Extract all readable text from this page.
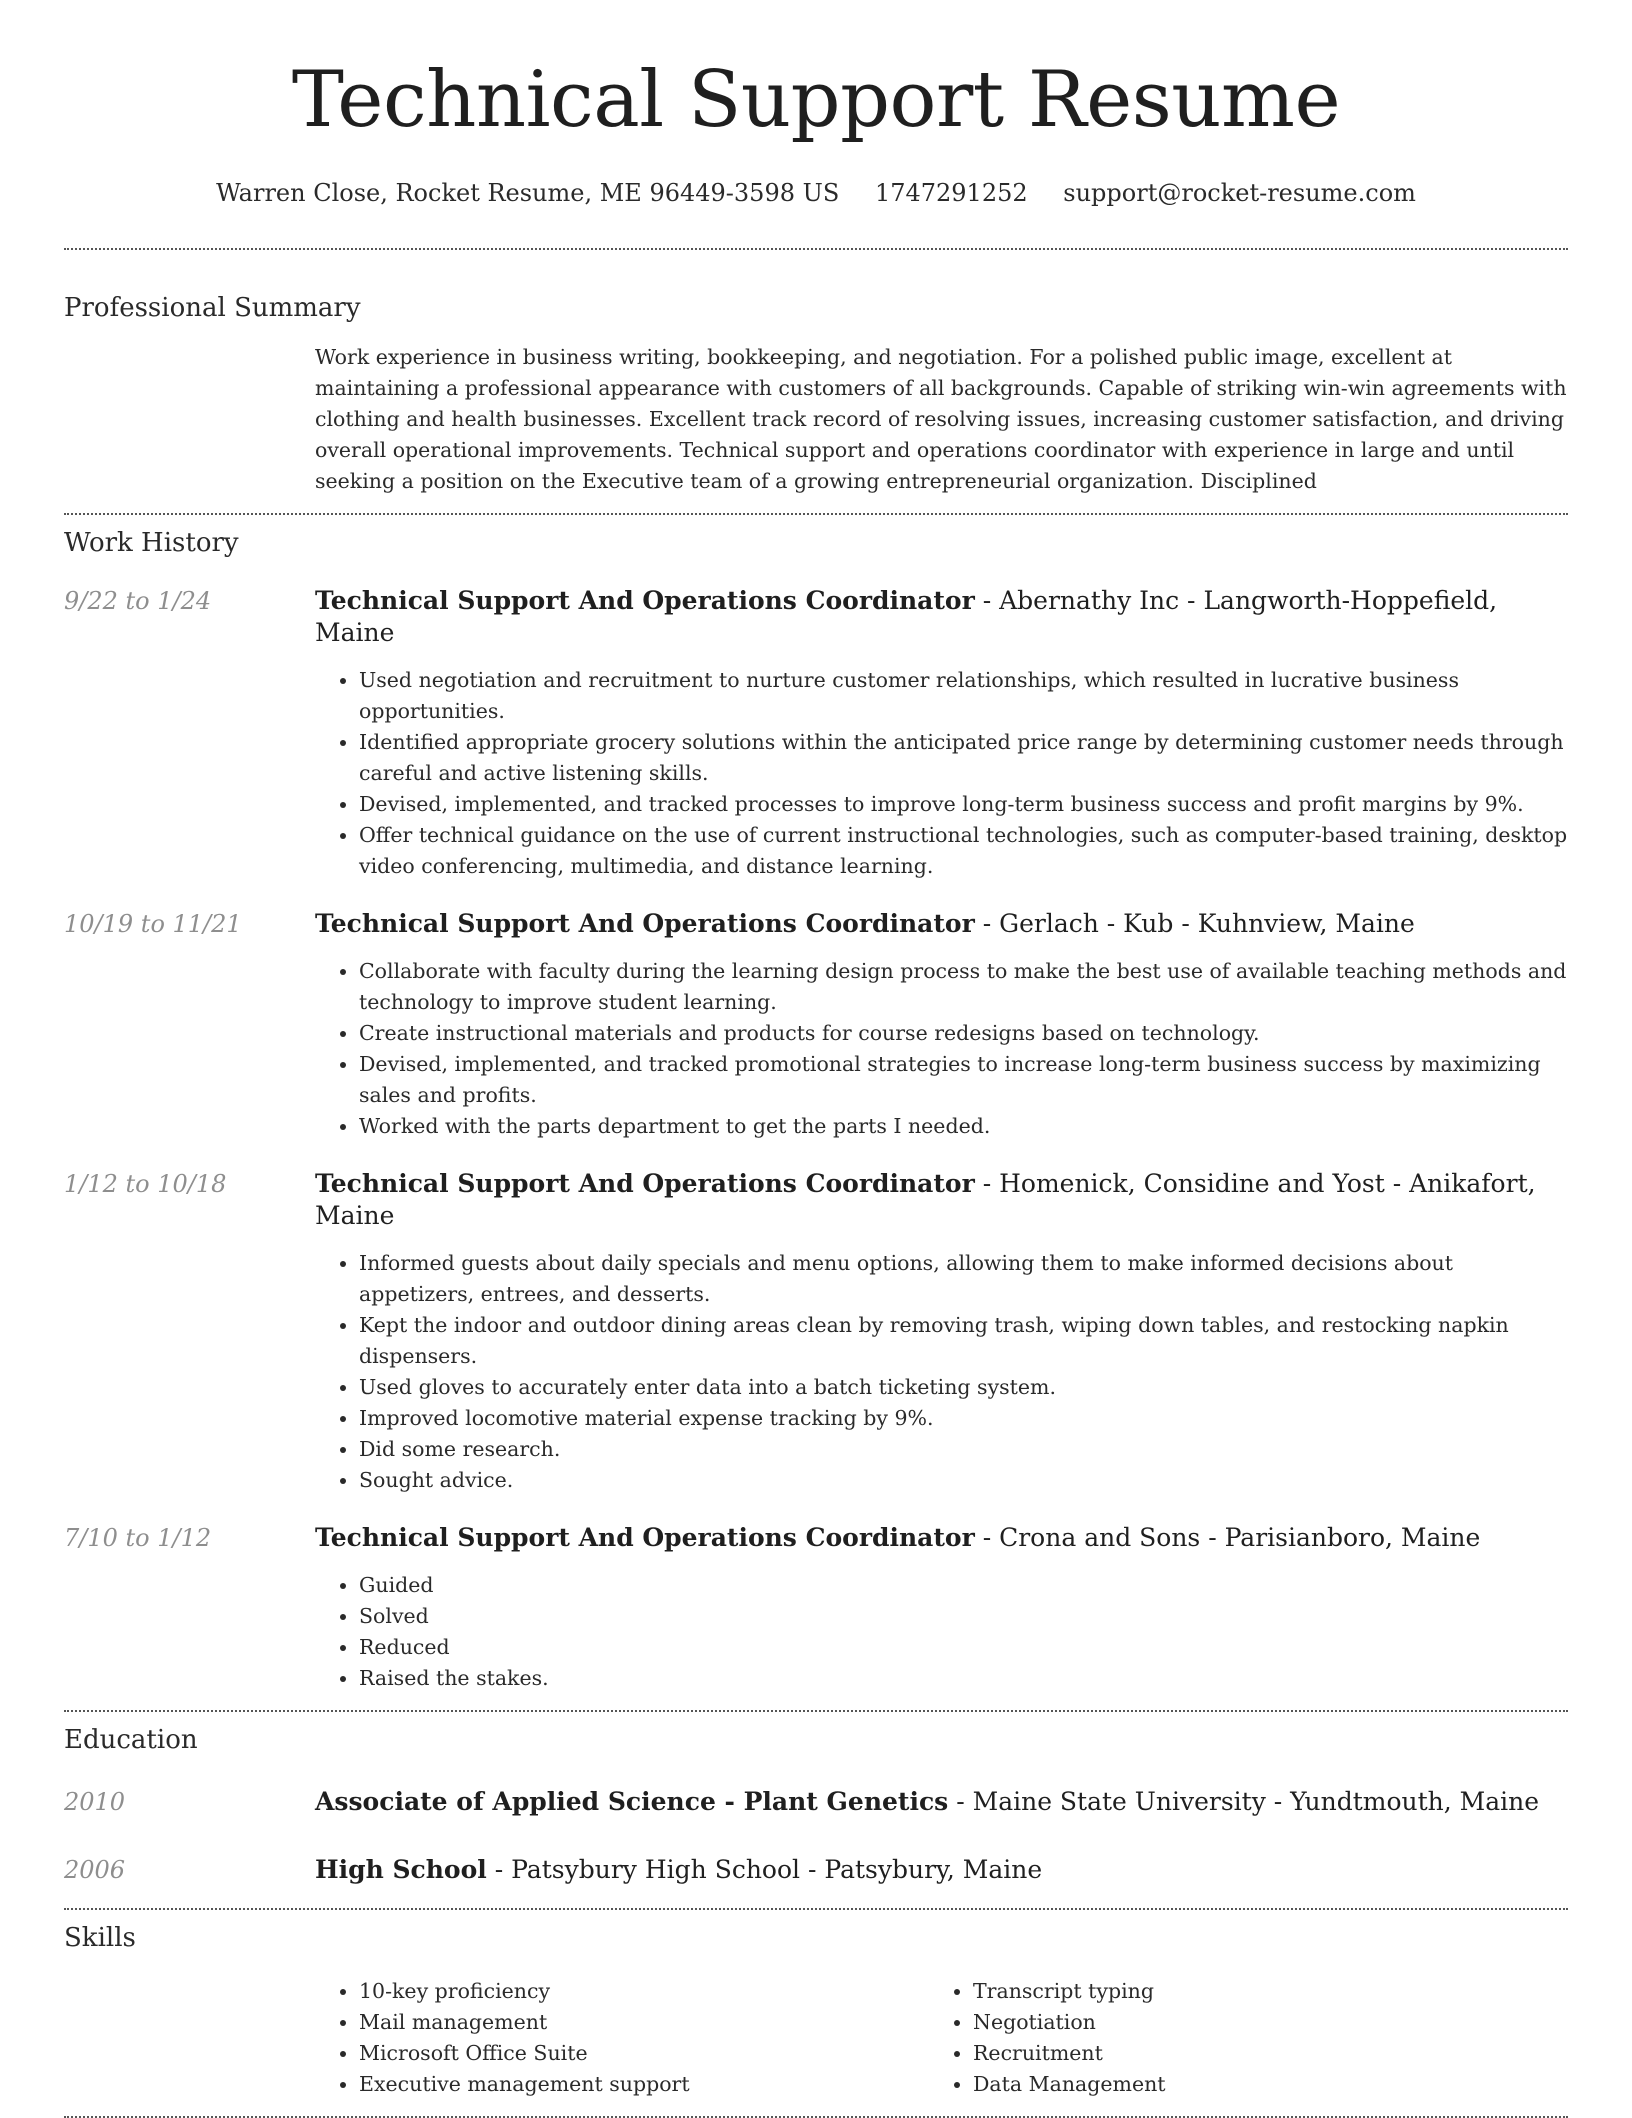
Technical Support Resume
Warren Close, Rocket Resume, ME 96449-3598 US 1747291252 support@rocket-resume.com
Professional Summary
Work experience in business writing, bookkeeping, and negotiation. For a polished public image, excellent at maintaining a professional appearance with customers of all backgrounds. Capable of striking win-win agreements with clothing and health businesses. Excellent track record of resolving issues, increasing customer satisfaction, and driving overall operational improvements. Technical support and operations coordinator with experience in large and until seeking a position on the Executive team of a growing entrepreneurial organization. Disciplined
Work History
9/22 to 1/24	Technical Support And Operations Coordinator - Abernathy Inc - Langworth-Hoppefield, Maine
• Used negotiation and recruitment to nurture customer relationships, which resulted in lucrative business opportunities.
• Identified appropriate grocery solutions within the anticipated price range by determining customer needs through careful and active listening skills.
• Devised, implemented, and tracked processes to improve long-term business success and profit margins by 9%.
• Offer technical guidance on the use of current instructional technologies, such as computer-based training, desktop video conferencing, multimedia, and distance learning.
10/19 to 11/21	Technical Support And Operations Coordinator - Gerlach - Kub - Kuhnview, Maine
• Collaborate with faculty during the learning design process to make the best use of available teaching methods and technology to improve student learning.
• Create instructional materials and products for course redesigns based on technology.
• Devised, implemented, and tracked promotional strategies to increase long-term business success by maximizing sales and profits.
• Worked with the parts department to get the parts I needed.
1/12 to 10/18	Technical Support And Operations Coordinator - Homenick, Considine and Yost - Anikafort, Maine
• Informed guests about daily specials and menu options, allowing them to make informed decisions about appetizers, entrees, and desserts.
• Kept the indoor and outdoor dining areas clean by removing trash, wiping down tables, and restocking napkin dispensers.
• Used gloves to accurately enter data into a batch ticketing system.
• Improved locomotive material expense tracking by 9%.
• Did some research.
• Sought advice.
7/10 to 1/12	Technical Support And Operations Coordinator - Crona and Sons - Parisianboro, Maine
• Guided
• Solved
• Reduced
• Raised the stakes.
Education
2010	Associate of Applied Science - Plant Genetics - Maine State University - Yundtmouth, Maine
2006	High School - Patsybury High School - Patsybury, Maine
Skills
• 10-key proficiency
• Mail management
• Microsoft Office Suite
• Executive management support
• Transcript typing
• Negotiation
• Recruitment
• Data Management
